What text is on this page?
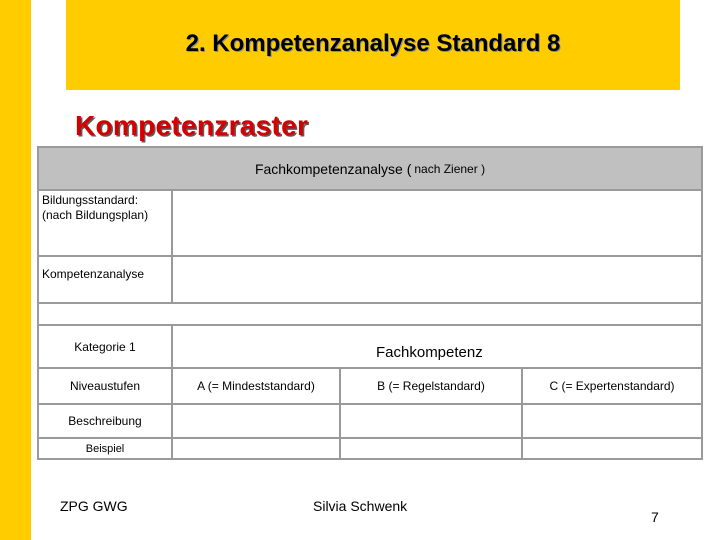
2. Kompetenzanalyse Standard 8
Kompetenzraster
Fachkompetenzanalyse ( nach Ziener )
Bildungsstandard: (nach Bildungsplan)
Kompetenzanalyse
Kategorie 1	Fachkompetenz
Niveaustufen	A (= Mindeststandard)	B (= Regelstandard)	C (= Expertenstandard)
Beschreibung
Beispiel
ZPG GWG	Silvia Schwenk
7
